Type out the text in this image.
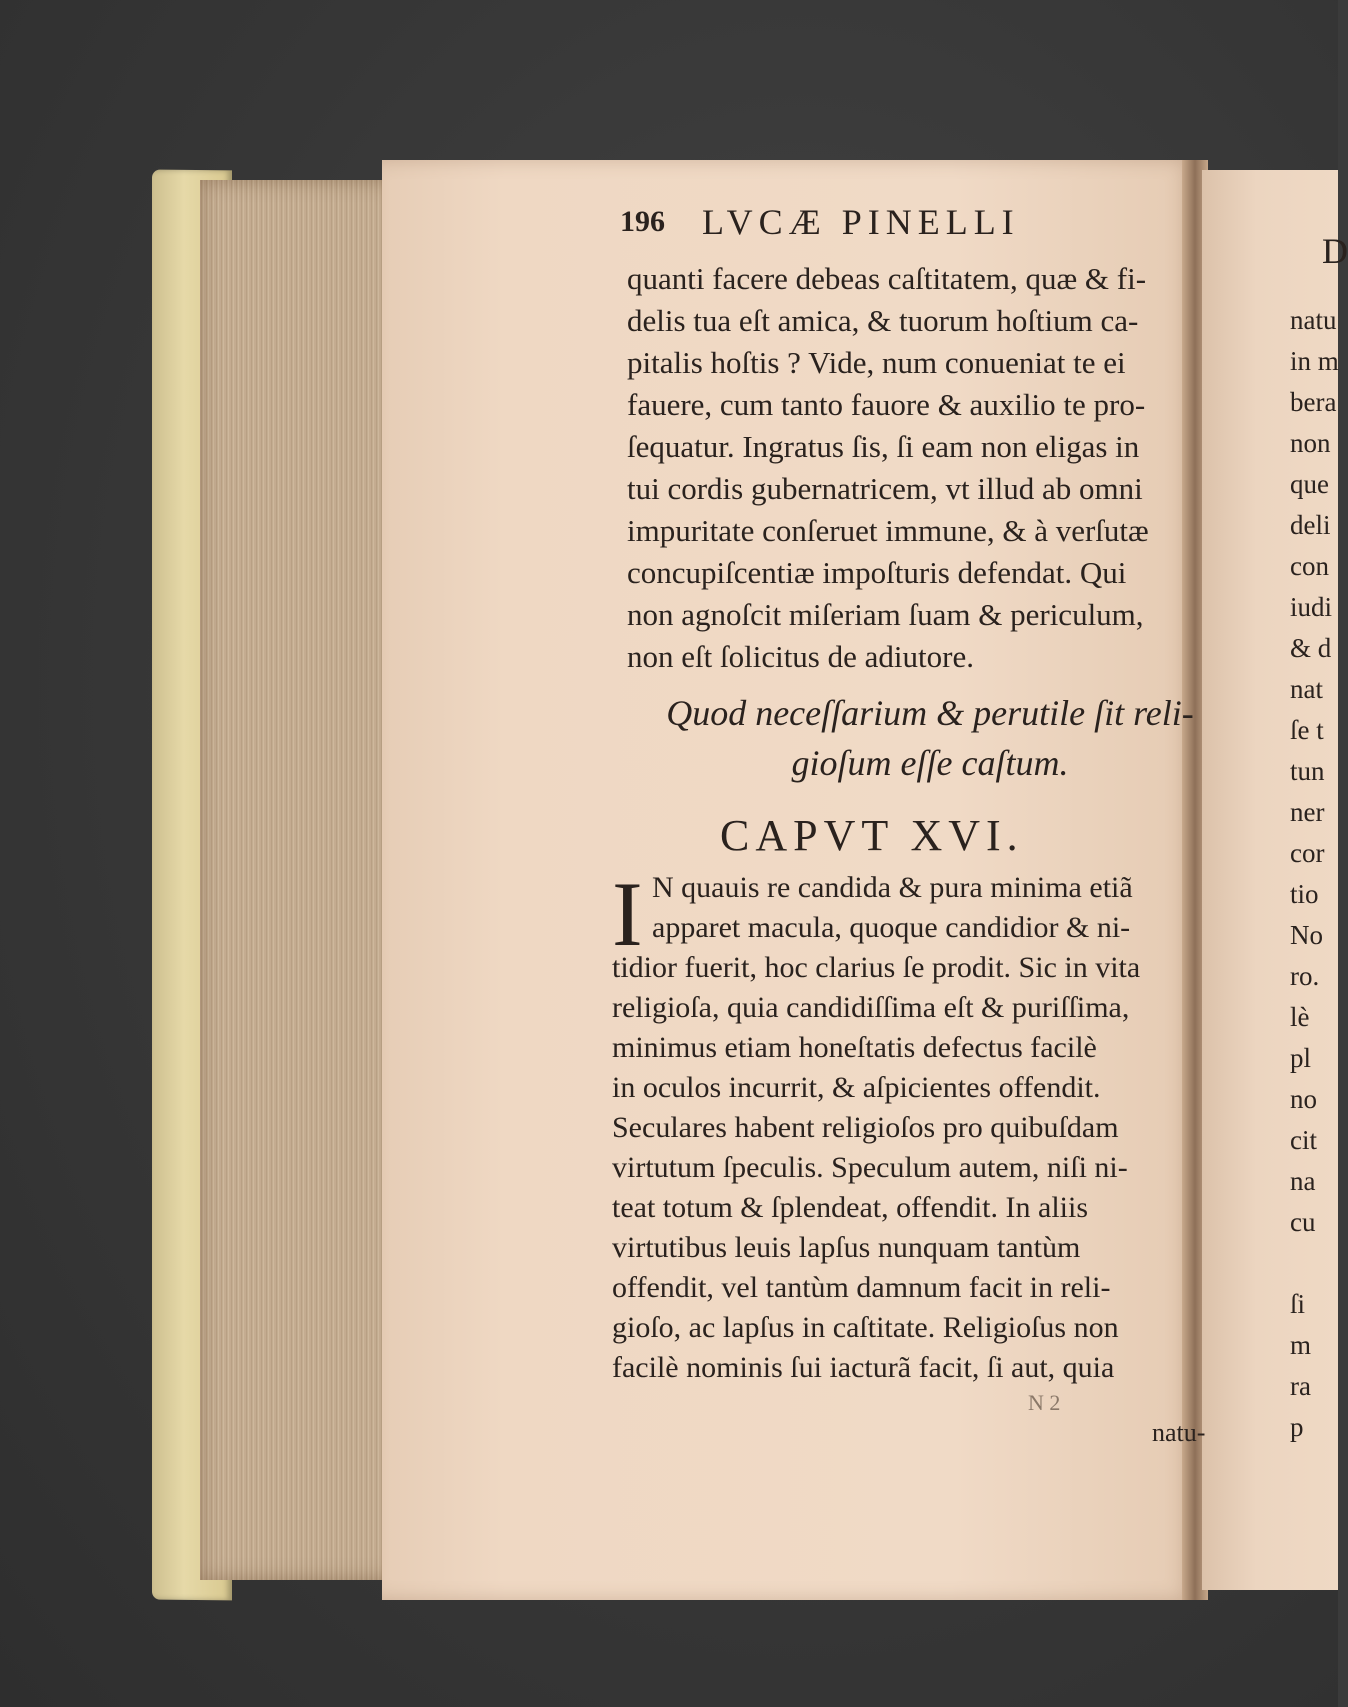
196 LVCÆ PINELLI
quanti facere debeas caſtitatem, quæ & fi-
delis tua eſt amica, & tuorum hoſtium ca-
pitalis hoſtis ? Vide, num conueniat te ei
fauere, cum tanto fauore & auxilio te pro-
ſequatur. Ingratus ſis, ſi eam non eligas in
tui cordis gubernatricem, vt illud ab omni
impuritate conſeruet immune, & à verſutæ
concupiſcentiæ impoſturis defendat. Qui
non agnoſcit miſeriam ſuam & periculum,
non eſt ſolicitus de adiutore.
Quod neceſſarium & perutile ſit reli-
gioſum eſſe caſtum.
CAPVT XVI.
I N quauis re candida & pura minima etiã
apparet macula, quoque candidior & ni-
tidior fuerit, hoc clarius ſe prodit. Sic in vita
religioſa, quia candidiſſima eſt & puriſſima,
minimus etiam honeſtatis defectus facilè
in oculos incurrit, & aſpicientes offendit.
Seculares habent religioſos pro quibuſdam
virtutum ſpeculis. Speculum autem, niſi ni-
teat totum & ſplendeat, offendit. In aliis
virtutibus leuis lapſus nunquam tantùm
offendit, vel tantùm damnum facit in reli-
gioſo, ac lapſus in caſtitate. Religioſus non
facilè nominis ſui iacturã facit, ſi aut, quia
N 2
natu-
D
natu
in m
bera
non
que
deli
con
iudi
& d
nat
ſe t
tun
ner
cor
tio
No
ro.
lè
pl
no
cit
na
cu
ſi
m
ra
p
